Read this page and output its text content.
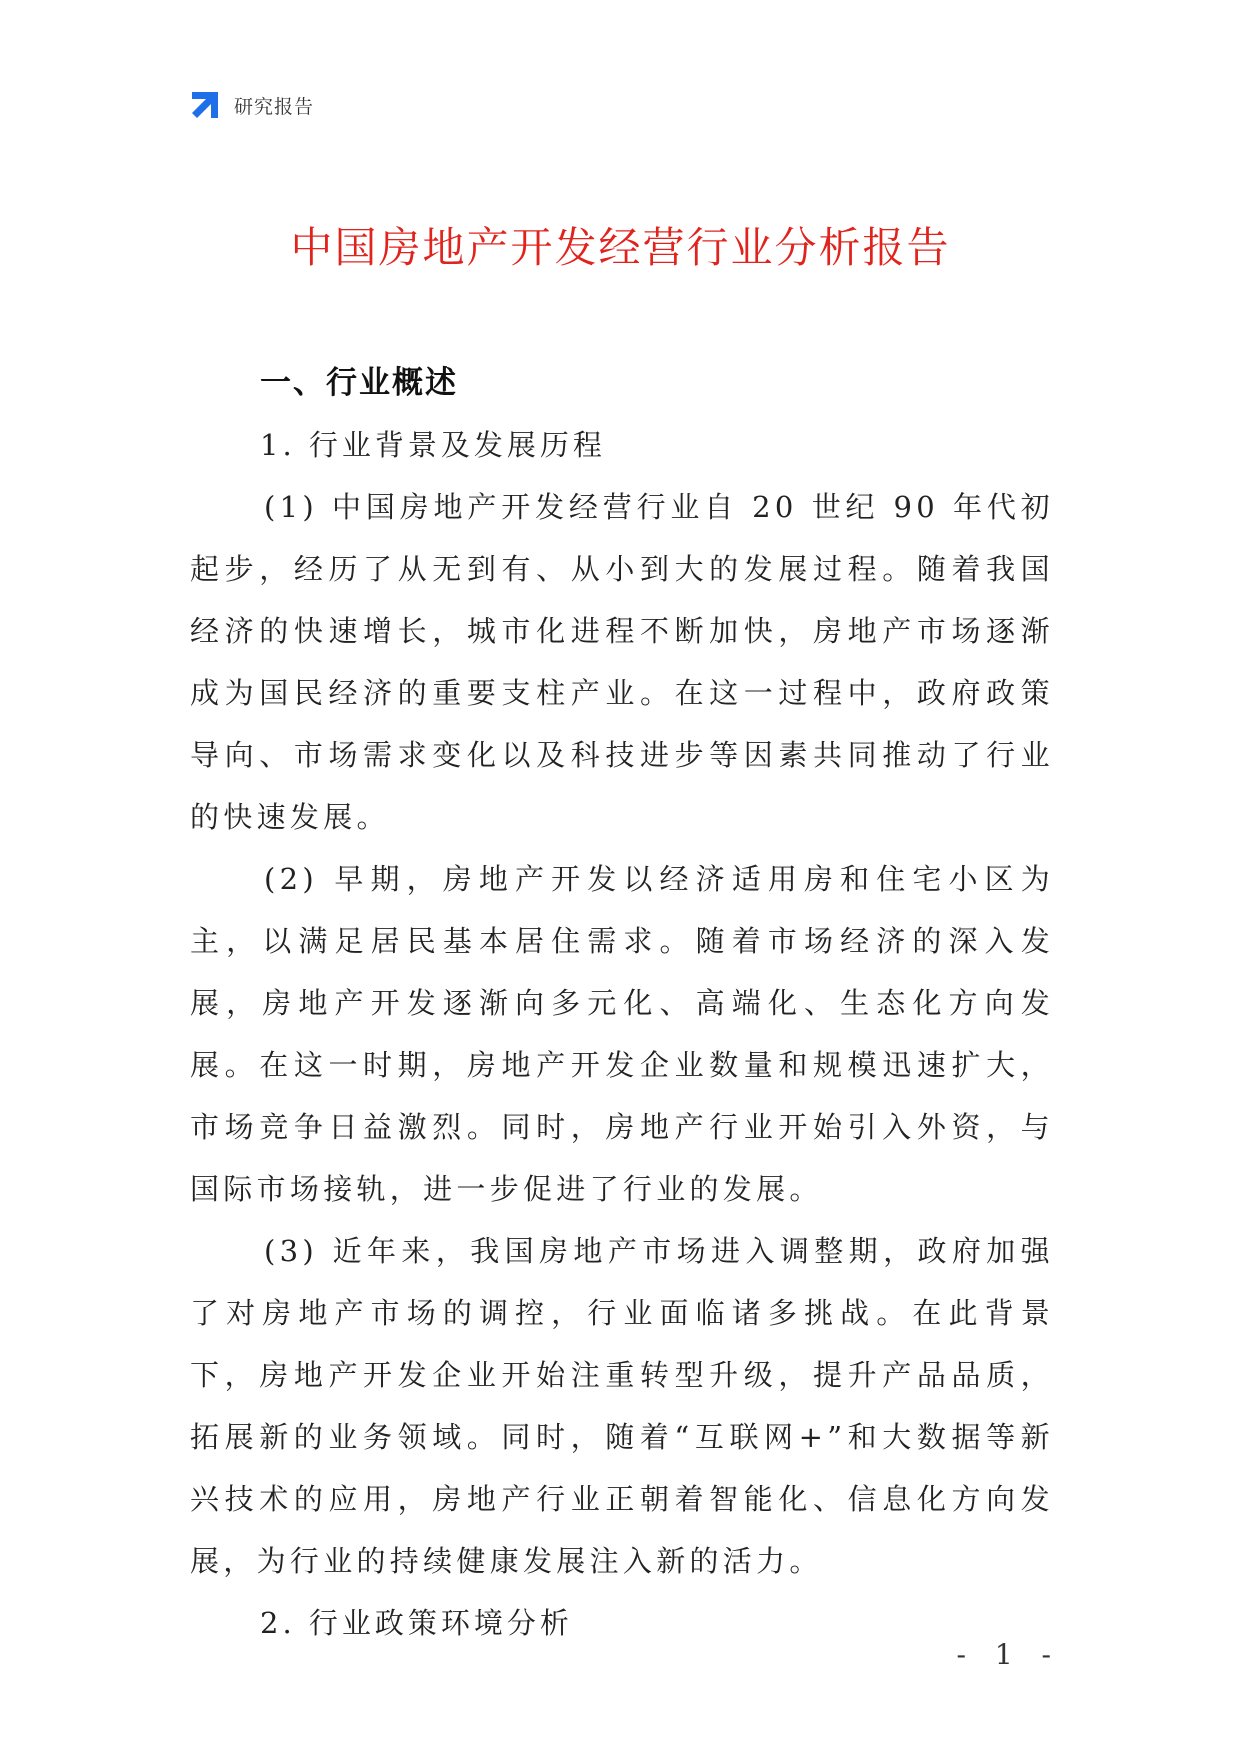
研究报告
中国房地产开发经营行业分析报告
一、行业概述
1. 行业背景及发展历程

(1) 中国房地产开发经营行业自 20 世纪 90 年代初起步，经历了从无到有、从小到大的发展过程。随着我国经济的快速增长，城市化进程不断加快，房地产市场逐渐成为国民经济的重要支柱产业。在这一过程中，政府政策导向、市场需求变化以及科技进步等因素共同推动了行业的快速发展。

(2) 早期，房地产开发以经济适用房和住宅小区为主，以满足居民基本居住需求。随着市场经济的深入发展，房地产开发逐渐向多元化、高端化、生态化方向发展。在这一时期，房地产开发企业数量和规模迅速扩大，市场竞争日益激烈。同时，房地产行业开始引入外资，与国际市场接轨，进一步促进了行业的发展。

(3) 近年来，我国房地产市场进入调整期，政府加强了对房地产市场的调控，行业面临诸多挑战。在此背景下，房地产开发企业开始注重转型升级，提升产品品质，拓展新的业务领域。同时，随着“互联网+”和大数据等新兴技术的应用，房地产行业正朝着智能化、信息化方向发展，为行业的持续健康发展注入新的活力。

2. 行业政策环境分析
- 1 -
